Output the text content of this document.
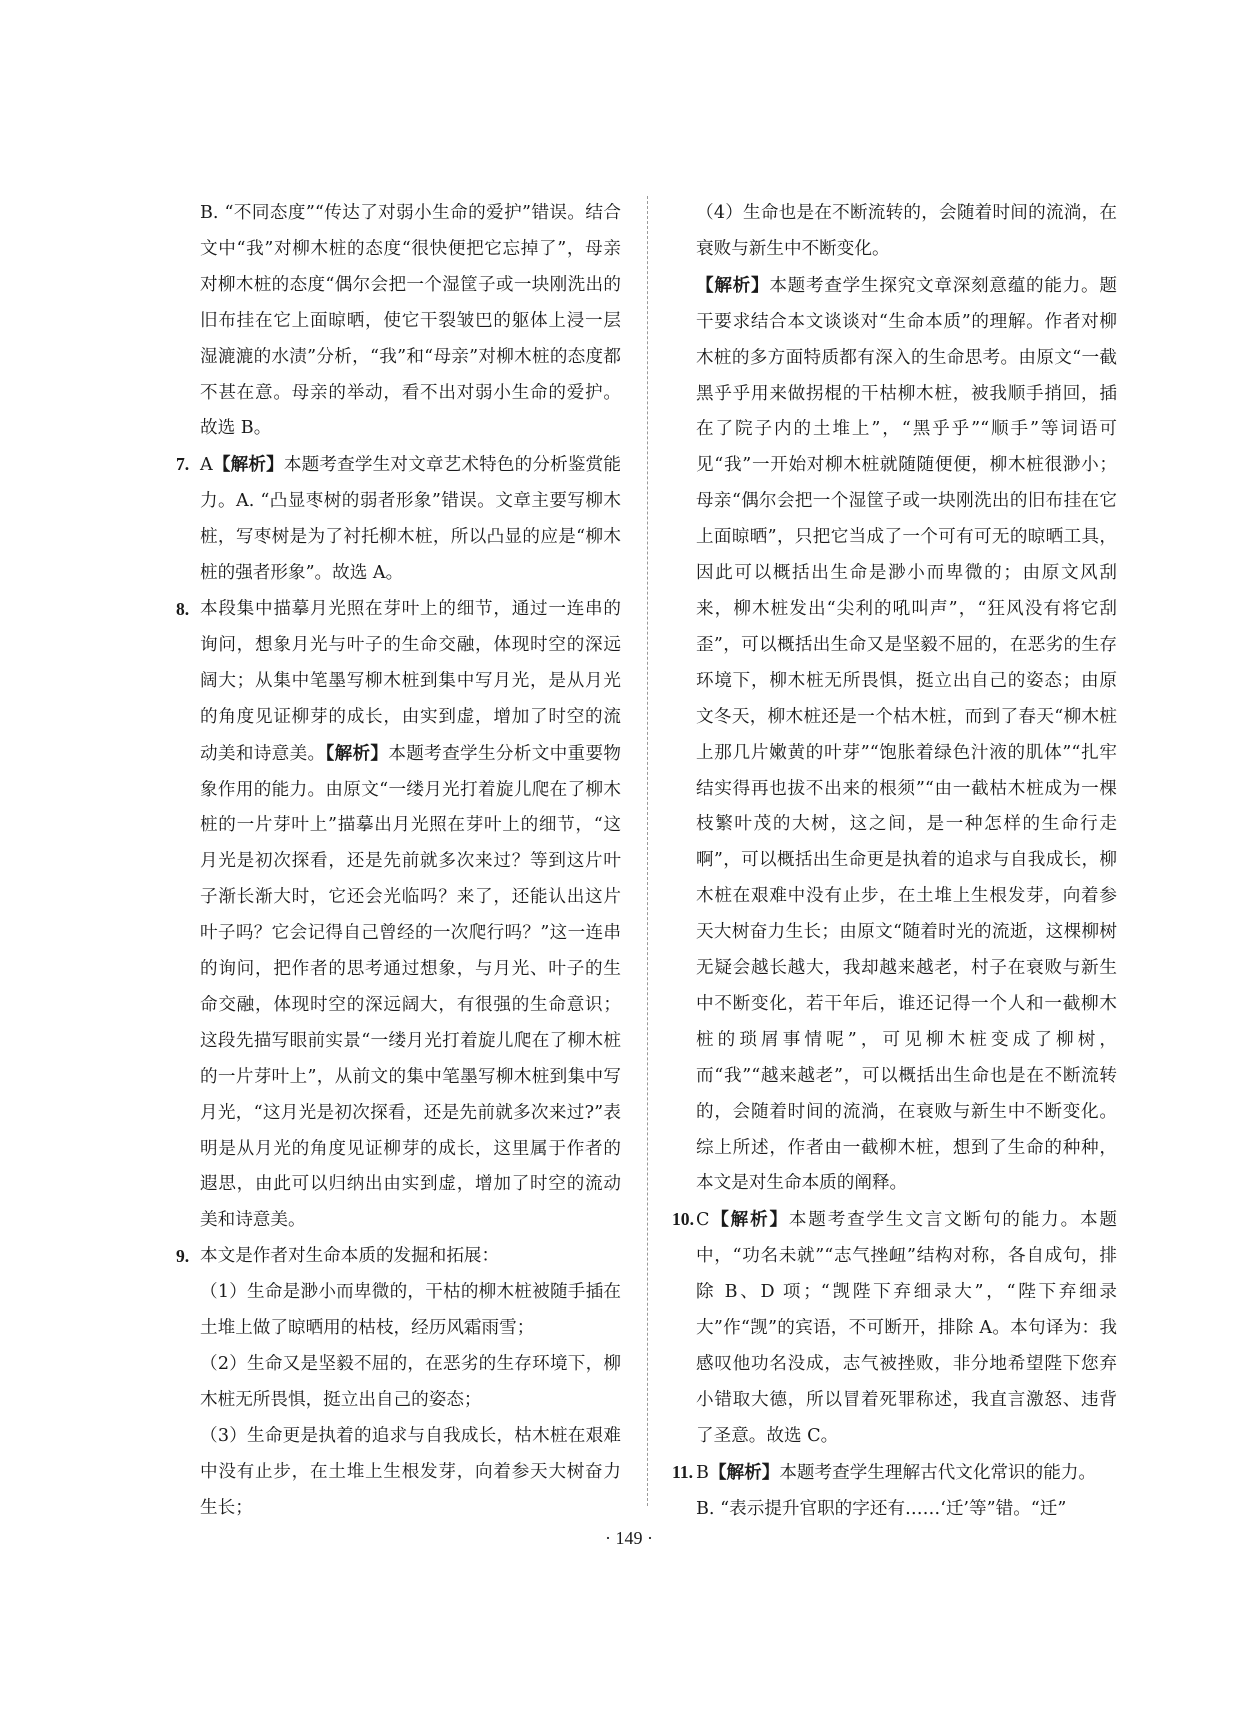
B. “不同态度”“传达了对弱小生命的爱护”错误。结合文中“我”对柳木桩的态度“很快便把它忘掉了”，母亲对柳木桩的态度“偶尔会把一个湿筐子或一块刚洗出的旧布挂在它上面晾晒，使它干裂皱巴的躯体上浸一层湿漉漉的水渍”分析，“我”和“母亲”对柳木桩的态度都不甚在意。母亲的举动，看不出对弱小生命的爱护。故选 B。

7. A【解析】本题考查学生对文章艺术特色的分析鉴赏能力。A. “凸显枣树的弱者形象”错误。文章主要写柳木桩，写枣树是为了衬托柳木桩，所以凸显的应是“柳木桩的强者形象”。故选 A。

8. 本段集中描摹月光照在芽叶上的细节，通过一连串的询问，想象月光与叶子的生命交融，体现时空的深远阔大；从集中笔墨写柳木桩到集中写月光，是从月光的角度见证柳芽的成长，由实到虚，增加了时空的流动美和诗意美。【解析】本题考查学生分析文中重要物象作用的能力。由原文“一缕月光打着旋儿爬在了柳木桩的一片芽叶上”描摹出月光照在芽叶上的细节，“这月光是初次探看，还是先前就多次来过？等到这片叶子渐长渐大时，它还会光临吗？来了，还能认出这片叶子吗？它会记得自己曾经的一次爬行吗？”这一连串的询问，把作者的思考通过想象，与月光、叶子的生命交融，体现时空的深远阔大，有很强的生命意识；这段先描写眼前实景“一缕月光打着旋儿爬在了柳木桩的一片芽叶上”，从前文的集中笔墨写柳木桩到集中写月光，“这月光是初次探看，还是先前就多次来过?”表明是从月光的角度见证柳芽的成长，这里属于作者的遐思，由此可以归纳出由实到虚，增加了时空的流动美和诗意美。

9. 本文是作者对生命本质的发掘和拓展：

（1）生命是渺小而卑微的，干枯的柳木桩被随手插在土堆上做了晾晒用的枯枝，经历风霜雨雪；

（2）生命又是坚毅不屈的，在恶劣的生存环境下，柳木桩无所畏惧，挺立出自己的姿态；

（3）生命更是执着的追求与自我成长，枯木桩在艰难中没有止步，在土堆上生根发芽，向着参天大树奋力生长；

（4）生命也是在不断流转的，会随着时间的流淌，在衰败与新生中不断变化。

【解析】本题考查学生探究文章深刻意蕴的能力。题干要求结合本文谈谈对“生命本质”的理解。作者对柳木桩的多方面特质都有深入的生命思考。由原文“一截黑乎乎用来做拐棍的干枯柳木桩，被我顺手捎回，插在了院子内的土堆上”，“黑乎乎”“顺手”等词语可见“我”一开始对柳木桩就随随便便，柳木桩很渺小；母亲“偶尔会把一个湿筐子或一块刚洗出的旧布挂在它上面晾晒”，只把它当成了一个可有可无的晾晒工具，因此可以概括出生命是渺小而卑微的；由原文风刮来，柳木桩发出“尖利的吼叫声”，“狂风没有将它刮歪”，可以概括出生命又是坚毅不屈的，在恶劣的生存环境下，柳木桩无所畏惧，挺立出自己的姿态；由原文冬天，柳木桩还是一个枯木桩，而到了春天“柳木桩上那几片嫩黄的叶芽”“饱胀着绿色汁液的肌体”“扎牢结实得再也拔不出来的根须”“由一截枯木桩成为一棵枝繁叶茂的大树，这之间，是一种怎样的生命行走啊”，可以概括出生命更是执着的追求与自我成长，柳木桩在艰难中没有止步，在土堆上生根发芽，向着参天大树奋力生长；由原文“随着时光的流逝，这棵柳树无疑会越长越大，我却越来越老，村子在衰败与新生中不断变化，若干年后，谁还记得一个人和一截柳木桩的琐屑事情呢”，可见柳木桩变成了柳树，而“我”“越来越老”，可以概括出生命也是在不断流转的，会随着时间的流淌，在衰败与新生中不断变化。综上所述，作者由一截柳木桩，想到了生命的种种，本文是对生命本质的阐释。

10. C【解析】本题考查学生文言文断句的能力。本题中，“功名未就”“志气挫衄”结构对称，各自成句，排除 B、D 项；“觊陛下弃细录大”，“陛下弃细录大”作“觊”的宾语，不可断开，排除 A。本句译为：我感叹他功名没成，志气被挫败，非分地希望陛下您弃小错取大德，所以冒着死罪称述，我直言激怒、违背了圣意。故选 C。

11. B【解析】本题考查学生理解古代文化常识的能力。

B. “表示提升官职的字还有……‘迁’等”错。“迁”

· 149 ·
